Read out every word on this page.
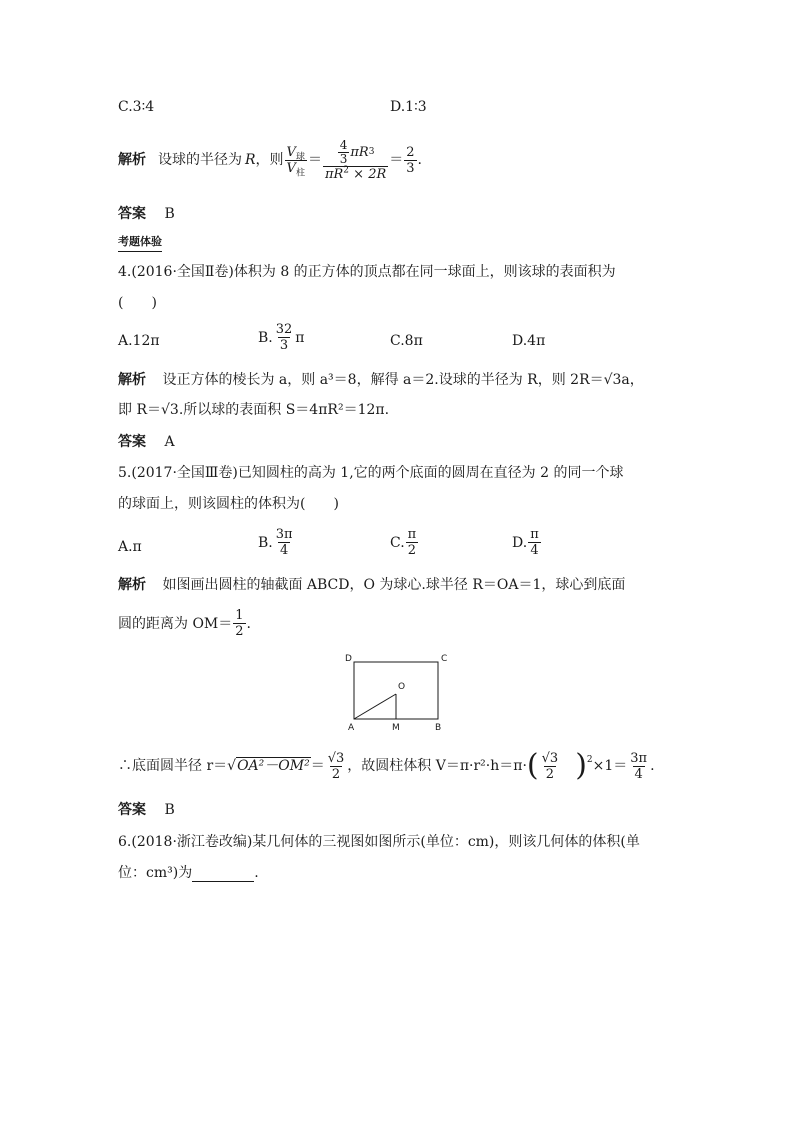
C.3∶4	D.1∶3
解析 设球的半径为 R ，则 $\frac{V_球}{V_柱} = \frac{\frac{4}{3} \pi R 3}{\pi R^2 \times 2R} = \frac{2}{3}$ .
答案 B
考题体验
4.(2016·全国Ⅱ卷)体积为 8 的正方体的顶点都在同一球面上，则该球的表面积为
(　　)
A.12π	B. $\frac{32}{3}$ π	C.8π	D.4π
解析 设正方体的棱长为 a，则 a³＝8，解得 a＝2.设球的半径为 R，则 2R＝√3a，
即 R＝√3.所以球的表面积 S＝4πR²＝12π.
答案 A
5.(2017·全国Ⅲ卷)已知圆柱的高为 1,它的两个底面的圆周在直径为 2 的同一个球
的球面上，则该圆柱的体积为(　　)
A.π	B. $\frac{3\pi}{4}$	C. $\frac{\pi}{2}$	D. $\frac{\pi}{4}$
解析 如图画出圆柱的轴截面 ABCD，O 为球心.球半径 R＝OA＝1，球心到底面
圆的距离为 $OM= \frac{1}{2}$ .
D	C
O
A	M	B
∴底面圆半径 $r= √OA^2-OM^2 = \frac{√3}{2}$ ，故圆柱体积 V＝π·r²·h＝π· ( $\frac{√3}{2} )^2 \times 1= \frac{3\pi}{4}$ .
答案 B
6.(2018·浙江卷改编)某几何体的三视图如图所示(单位：cm)，则该几何体的体积(单
位：cm³)为	.
